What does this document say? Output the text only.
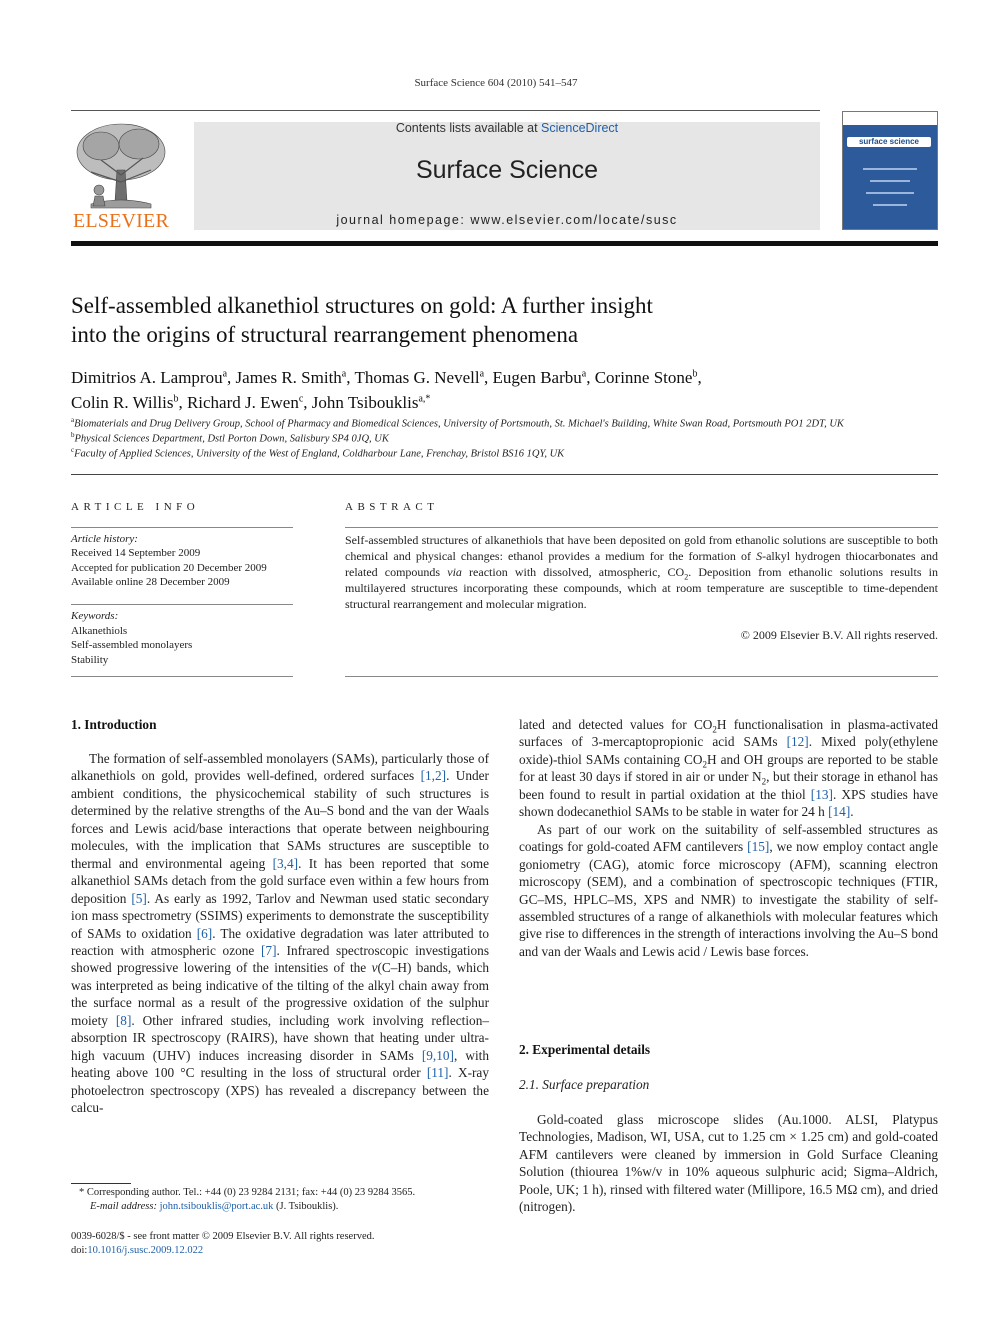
Surface Science 604 (2010) 541–547
ELSEVIER
Contents lists available at ScienceDirect
Surface Science
journal homepage: www.elsevier.com/locate/susc
surface science
Self-assembled alkanethiol structures on gold: A further insight
into the origins of structural rearrangement phenomena
Dimitrios A. Lamprou$^a$, James R. Smith$^a$, Thomas G. Nevell$^a$, Eugen Barbu$^a$, Corinne Stone$^b$,
Colin R. Willis$^b$, Richard J. Ewen$^c$, John Tsibouklis$^{a,*}$
$^a$Biomaterials and Drug Delivery Group, School of Pharmacy and Biomedical Sciences, University of Portsmouth, St. Michael's Building, White Swan Road, Portsmouth PO1 2DT, UK
$^b$Physical Sciences Department, Dstl Porton Down, Salisbury SP4 0JQ, UK
$^c$Faculty of Applied Sciences, University of the West of England, Coldharbour Lane, Frenchay, Bristol BS16 1QY, UK
ARTICLE INFO
Article history:
Received 14 September 2009
Accepted for publication 20 December 2009
Available online 28 December 2009
Keywords:
Alkanethiols
Self-assembled monolayers
Stability
ABSTRACT
Self-assembled structures of alkanethiols that have been deposited on gold from ethanolic solutions are susceptible to both chemical and physical changes: ethanol provides a medium for the formation of S-alkyl hydrogen thiocarbonates and related compounds via reaction with dissolved, atmospheric, $CO_2$. Deposition from ethanolic solutions results in multilayered structures incorporating these compounds, which at room temperature are susceptible to time-dependent structural rearrangement and molecular migration.
© 2009 Elsevier B.V. All rights reserved.
1. Introduction

The formation of self-assembled monolayers (SAMs), particularly those of alkanethiols on gold, provides well-defined, ordered surfaces [1,2]. Under ambient conditions, the physicochemical stability of such structures is determined by the relative strengths of the Au–S bond and the van der Waals forces and Lewis acid/base interactions that operate between neighbouring molecules, with the implication that SAMs structures are susceptible to thermal and environmental ageing [3,4]. It has been reported that some alkanethiol SAMs detach from the gold surface even within a few hours from deposition [5]. As early as 1992, Tarlov and Newman used static secondary ion mass spectrometry (SSIMS) experiments to demonstrate the susceptibility of SAMs to oxidation [6]. The oxidative degradation was later attributed to reaction with atmospheric ozone [7]. Infrared spectroscopic investigations showed progressive lowering of the intensities of the v(C–H) bands, which was interpreted as being indicative of the tilting of the alkyl chain away from the surface normal as a result of the progressive oxidation of the sulphur moiety [8]. Other infrared studies, including work involving reflection–absorption IR spectroscopy (RAIRS), have shown that heating under ultra-high vacuum (UHV) induces increasing disorder in SAMs [9,10], with heating above 100 °C resulting in the loss of structural order [11]. X-ray photoelectron spectroscopy (XPS) has revealed a discrepancy between the calcu-

lated and detected values for $CO_2H$ functionalisation in plasma-activated surfaces of 3-mercaptopropionic acid SAMs [12]. Mixed poly(ethylene oxide)-thiol SAMs containing $CO_2H$ and OH groups are reported to be stable for at least 30 days if stored in air or under $N_2$, but their storage in ethanol has been found to result in partial oxidation at the thiol [13]. XPS studies have shown dodecanethiol SAMs to be stable in water for 24 h [14].

As part of our work on the suitability of self-assembled structures as coatings for gold-coated AFM cantilevers [15], we now employ contact angle goniometry (CAG), atomic force microscopy (AFM), scanning electron microscopy (SEM), and a combination of spectroscopic techniques (FTIR, GC–MS, HPLC–MS, XPS and NMR) to investigate the stability of self-assembled structures of a range of alkanethiols with molecular features which give rise to differences in the strength of interactions involving the Au–S bond and van der Waals and Lewis acid / Lewis base forces.

2. Experimental details
2.1. Surface preparation

Gold-coated glass microscope slides (Au.1000. ALSI, Platypus Technologies, Madison, WI, USA, cut to 1.25 cm × 1.25 cm) and gold-coated AFM cantilevers were cleaned by immersion in Gold Surface Cleaning Solution (thiourea 1%w/v in 10% aqueous sulphuric acid; Sigma–Aldrich, Poole, UK; 1 h), rinsed with filtered water (Millipore, 16.5 MΩ cm), and dried (nitrogen).

* Corresponding author. Tel.: +44 (0) 23 9284 2131; fax: +44 (0) 23 9284 3565.
E-mail address: john.tsibouklis@port.ac.uk (J. Tsibouklis).
0039-6028/$ - see front matter © 2009 Elsevier B.V. All rights reserved.
doi:10.1016/j.susc.2009.12.022
